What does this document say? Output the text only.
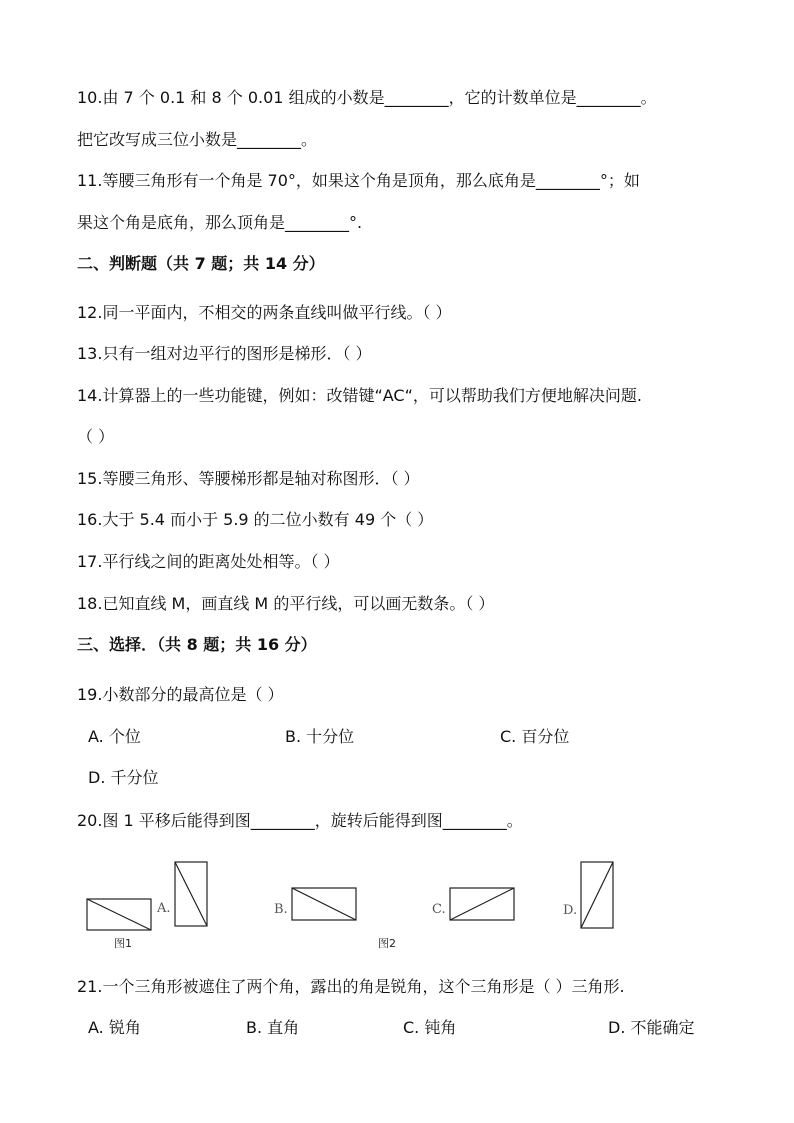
10.由 7 个 0.1 和 8 个 0.01 组成的小数是________，它的计数单位是________。
把它改写成三位小数是________。
11.等腰三角形有一个角是 70°，如果这个角是顶角，那么底角是________°；如
果这个角是底角，那么顶角是________°.
二、判断题（共 7 题；共 14 分）
12.同一平面内，不相交的两条直线叫做平行线。（ ）
13.只有一组对边平行的图形是梯形．（ ）
14.计算器上的一些功能键，例如：改错键“AC“，可以帮助我们方便地解决问题.
（ ）
15.等腰三角形、等腰梯形都是轴对称图形．（ ）
16.大于 5.4 而小于 5.9 的二位小数有 49 个（ ）
17.平行线之间的距离处处相等。（ ）
18.已知直线 M，画直线 M 的平行线，可以画无数条。（ ）
三、选择．（共 8 题；共 16 分）
19.小数部分的最高位是（ ）
A. 个位	B. 十分位	C. 百分位
D. 千分位
20.图 1 平移后能得到图________，旋转后能得到图________。
A.	B.	C.	D.
图1	图2
21.一个三角形被遮住了两个角，露出的角是锐角，这个三角形是（ ）三角形.
A. 锐角	B. 直角	C. 钝角	D. 不能确定
